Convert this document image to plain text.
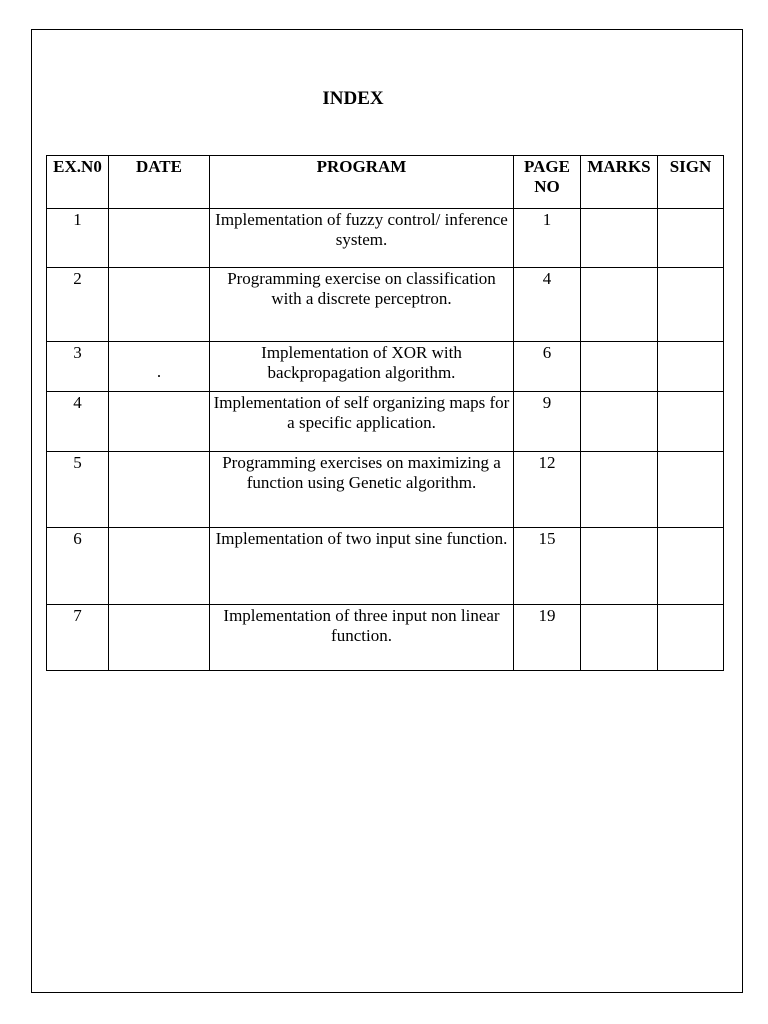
INDEX
EX.N0	DATE	PROGRAM	PAGE NO	MARKS	SIGN
1		Implementation of fuzzy control/ inference system.	1		
2		Programming exercise on classification with a discrete perceptron.	4		
3	.	Implementation of XOR with backpropagation algorithm.	6		
4		Implementation of self organizing maps for a specific application.	9		
5		Programming exercises on maximizing a function using Genetic algorithm.	12		
6		Implementation of two input sine function.	15		
7		Implementation of three input non linear function.	19		
